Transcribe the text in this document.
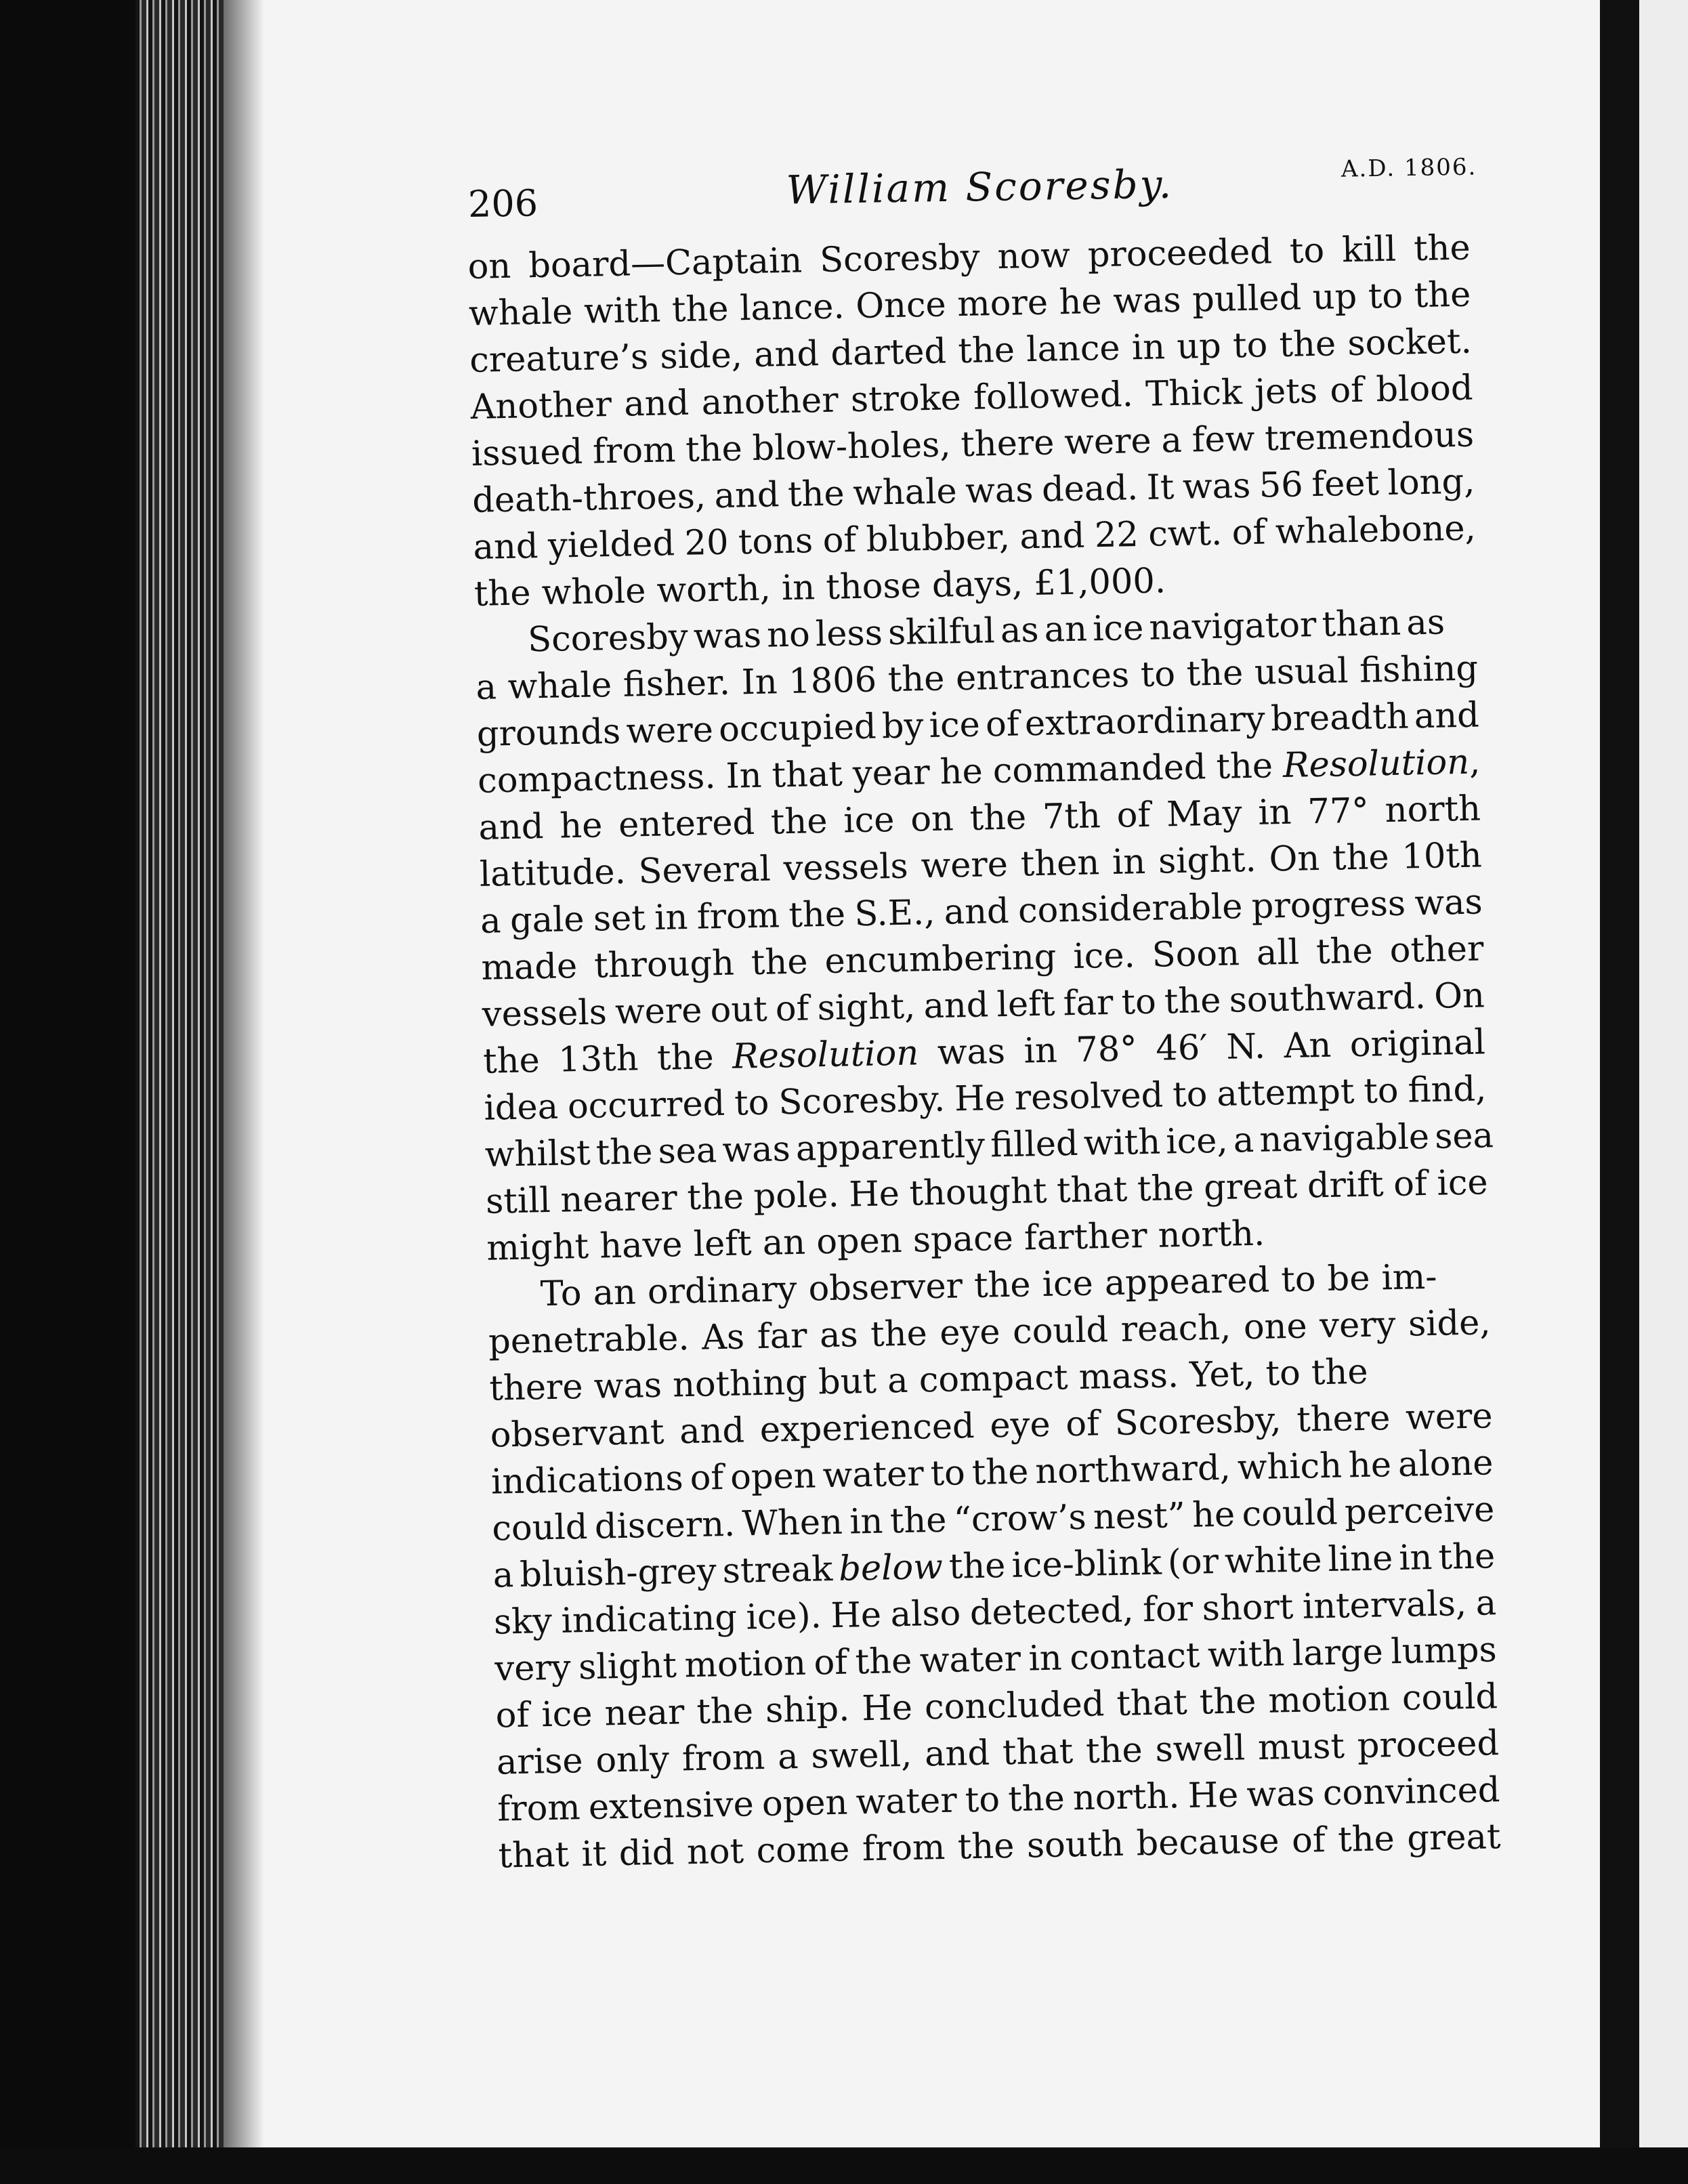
206	William Scoresby.	A.D. 1806.

on board—Captain Scoresby now proceeded to kill the
whale with the lance. Once more he was pulled up to the
creature’s side, and darted the lance in up to the socket.
Another and another stroke followed. Thick jets of blood
issued from the blow-holes, there were a few tremendous
death-throes, and the whale was dead. It was 56 feet long,
and yielded 20 tons of blubber, and 22 cwt. of whalebone,
the whole worth, in those days, £1,000.

Scoresby was no less skilful as an ice navigator than as
a whale fisher. In 1806 the entrances to the usual fishing
grounds were occupied by ice of extraordinary breadth and
compactness. In that year he commanded the Resolution,
and he entered the ice on the 7th of May in 77° north
latitude. Several vessels were then in sight. On the 10th
a gale set in from the S.E., and considerable progress was
made through the encumbering ice. Soon all the other
vessels were out of sight, and left far to the southward. On
the 13th the Resolution was in 78° 46′ N. An original
idea occurred to Scoresby. He resolved to attempt to find,
whilst the sea was apparently filled with ice, a navigable sea
still nearer the pole. He thought that the great drift of ice
might have left an open space farther north.

To an ordinary observer the ice appeared to be im-
penetrable. As far as the eye could reach, one very side,
there was nothing but a compact mass. Yet, to the
observant and experienced eye of Scoresby, there were
indications of open water to the northward, which he alone
could discern. When in the “crow’s nest” he could perceive
a bluish-grey streak below the ice-blink (or white line in the
sky indicating ice). He also detected, for short intervals, a
very slight motion of the water in contact with large lumps
of ice near the ship. He concluded that the motion could
arise only from a swell, and that the swell must proceed
from extensive open water to the north. He was convinced
that it did not come from the south because of the great
